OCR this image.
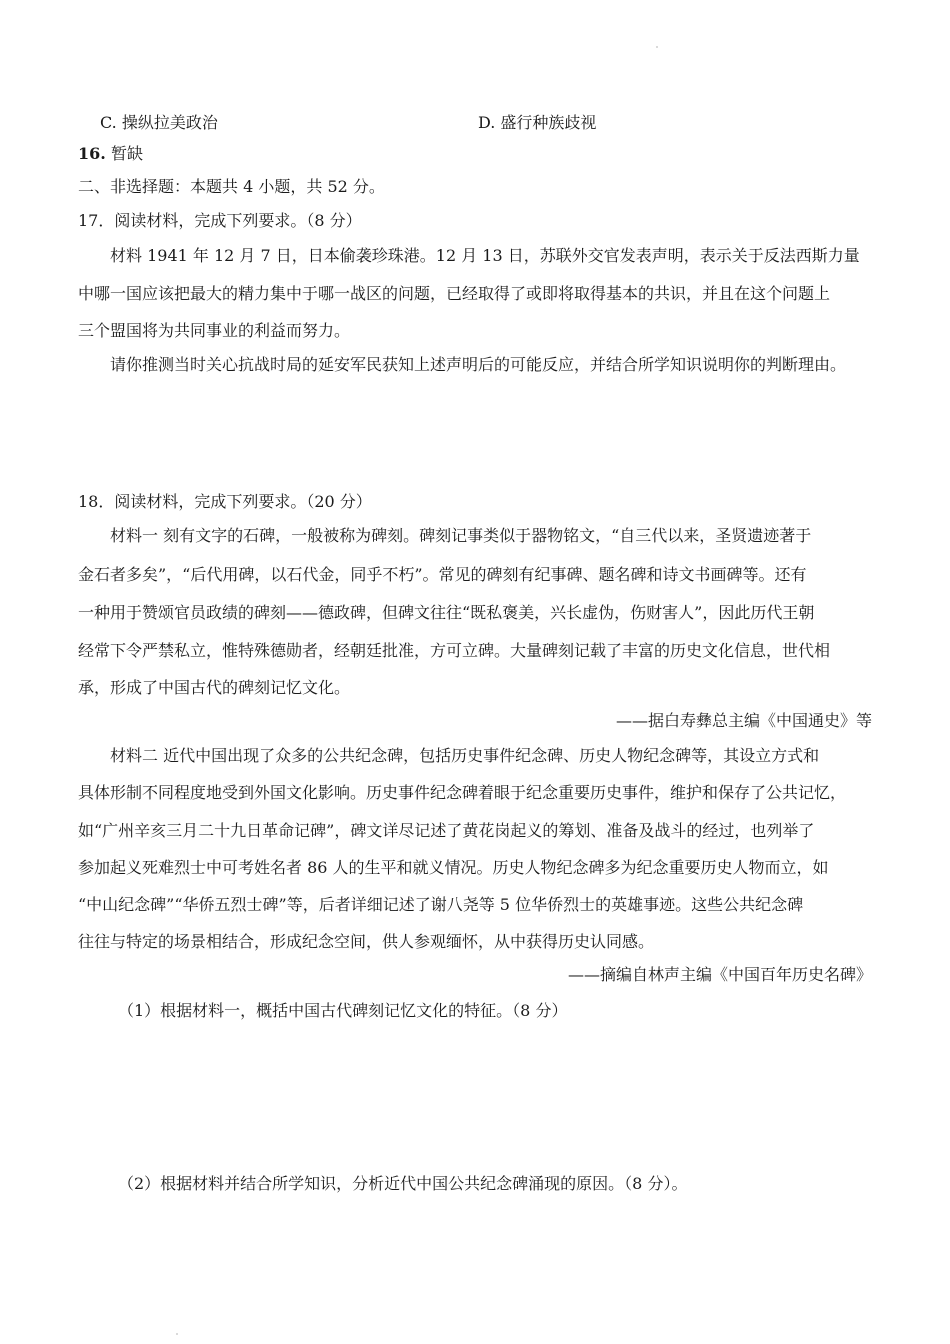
C. 操纵拉美政治	D. 盛行种族歧视
16. 暂缺
二、非选择题：本题共 4 小题，共 52 分。
17．阅读材料，完成下列要求。（8 分）
材料 1941 年 12 月 7 日，日本偷袭珍珠港。12 月 13 日，苏联外交官发表声明，表示关于反法西斯力量
中哪一国应该把最大的精力集中于哪一战区的问题，已经取得了或即将取得基本的共识，并且在这个问题上
三个盟国将为共同事业的利益而努力。
请你推测当时关心抗战时局的延安军民获知上述声明后的可能反应，并结合所学知识说明你的判断理由。
18．阅读材料，完成下列要求。（20 分）
材料一 刻有文字的石碑，一般被称为碑刻。碑刻记事类似于器物铭文，“自三代以来，圣贤遗迹著于
金石者多矣”，“后代用碑，以石代金，同乎不朽”。常见的碑刻有纪事碑、题名碑和诗文书画碑等。还有
一种用于赞颂官员政绩的碑刻——德政碑，但碑文往往“既私褒美，兴长虚伪，伤财害人”，因此历代王朝
经常下令严禁私立，惟特殊德勋者，经朝廷批准，方可立碑。大量碑刻记载了丰富的历史文化信息，世代相
承，形成了中国古代的碑刻记忆文化。
——据白寿彝总主编《中国通史》等
材料二 近代中国出现了众多的公共纪念碑，包括历史事件纪念碑、历史人物纪念碑等，其设立方式和
具体形制不同程度地受到外国文化影响。历史事件纪念碑着眼于纪念重要历史事件，维护和保存了公共记忆，
如“广州辛亥三月二十九日革命记碑”，碑文详尽记述了黄花岗起义的筹划、准备及战斗的经过，也列举了
参加起义死难烈士中可考姓名者 86 人的生平和就义情况。历史人物纪念碑多为纪念重要历史人物而立，如
“中山纪念碑”“华侨五烈士碑”等，后者详细记述了谢八尧等 5 位华侨烈士的英雄事迹。这些公共纪念碑
往往与特定的场景相结合，形成纪念空间，供人参观缅怀，从中获得历史认同感。
——摘编自林声主编《中国百年历史名碑》
（1）根据材料一，概括中国古代碑刻记忆文化的特征。（8 分）
（2）根据材料并结合所学知识，分析近代中国公共纪念碑涌现的原因。（8 分）。
